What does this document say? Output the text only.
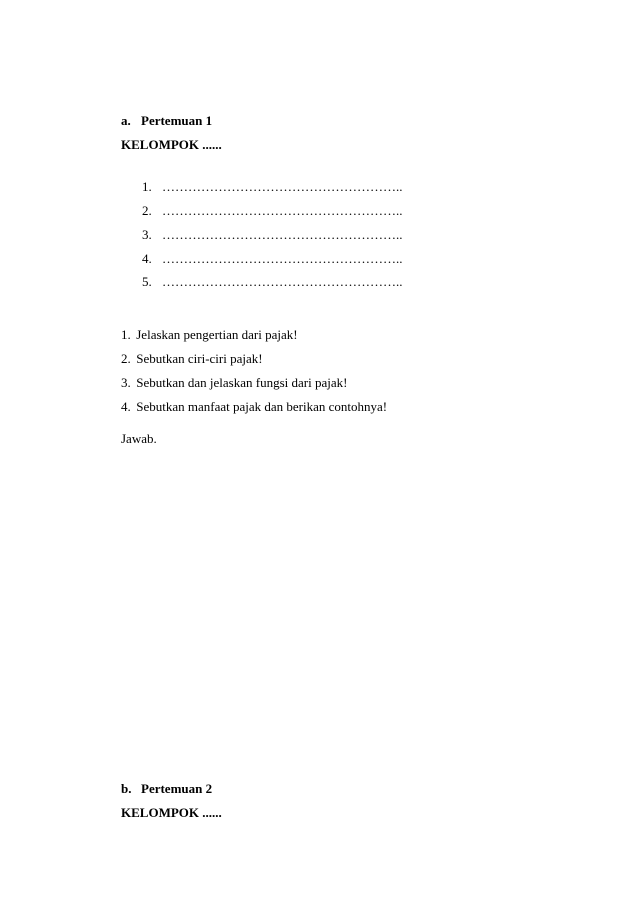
a. Pertemuan 1
KELOMPOK ......
1. ………………………………………………..
2. ………………………………………………..
3. ………………………………………………..
4. ………………………………………………..
5. ………………………………………………..
1. Jelaskan pengertian dari pajak!
2. Sebutkan ciri-ciri pajak!
3. Sebutkan dan jelaskan fungsi dari pajak!
4. Sebutkan manfaat pajak dan berikan contohnya!
Jawab.
b. Pertemuan 2
KELOMPOK ......
